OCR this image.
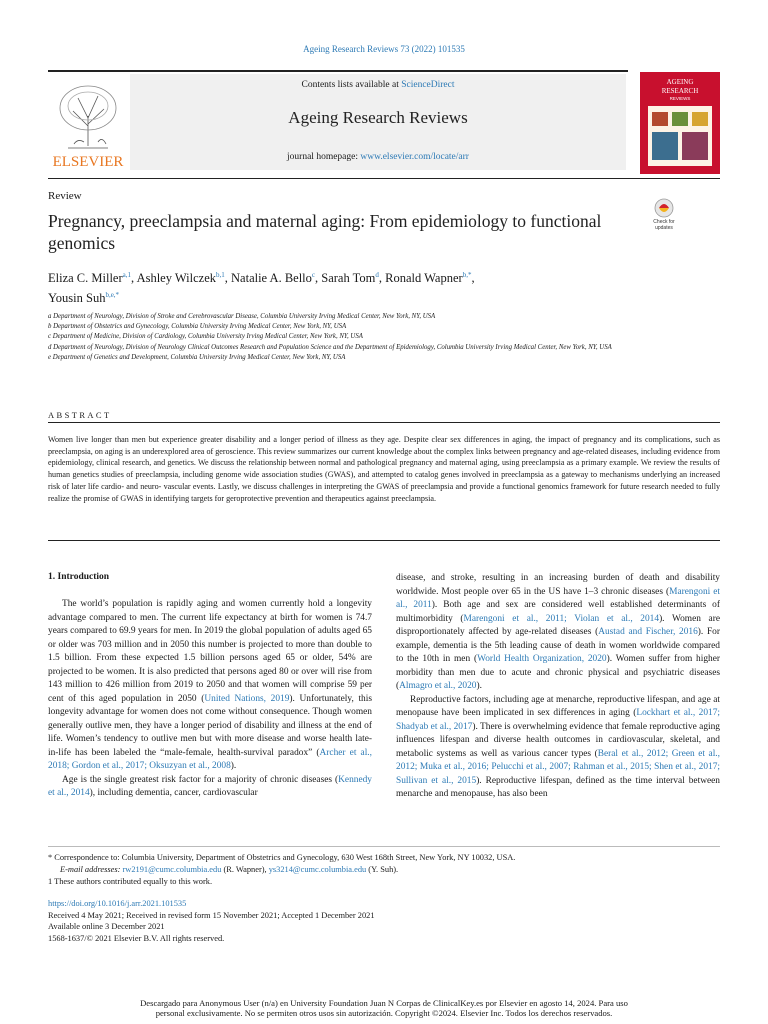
Ageing Research Reviews 73 (2022) 101535
ELSEVIER
Contents lists available at ScienceDirect
Ageing Research Reviews
journal homepage: www.elsevier.com/locate/arr
AGEING
RESEARCH
REVIEWS
Review
Pregnancy, preeclampsia and maternal aging: From epidemiology to functional genomics
Check for
updates
Eliza C. Miller$^{a,1}$, Ashley Wilczek$^{b,1}$, Natalie A. Bello$^c$, Sarah Tom$^d$, Ronald Wapner$^{b,*}$,
Yousin Suh$^{b,e,*}$
a Department of Neurology, Division of Stroke and Cerebrovascular Disease, Columbia University Irving Medical Center, New York, NY, USA
b Department of Obstetrics and Gynecology, Columbia University Irving Medical Center, New York, NY, USA
c Department of Medicine, Division of Cardiology, Columbia University Irving Medical Center, New York, NY, USA
d Department of Neurology, Division of Neurology Clinical Outcomes Research and Population Science and the Department of Epidemiology, Columbia University Irving Medical Center, New York, NY, USA
e Department of Genetics and Development, Columbia University Irving Medical Center, New York, NY, USA
ABSTRACT
Women live longer than men but experience greater disability and a longer period of illness as they age. Despite clear sex differences in aging, the impact of pregnancy and its complications, such as preeclampsia, on aging is an underexplored area of geroscience. This review summarizes our current knowledge about the complex links between pregnancy and age-related diseases, including evidence from epidemiology, clinical research, and genetics. We discuss the relationship between normal and pathological pregnancy and maternal aging, using preeclampsia as a primary example. We review the results of human genetics studies of preeclampsia, including genome wide association studies (GWAS), and attempted to catalog genes involved in preeclampsia as a gateway to mechanisms underlying an increased risk of later life cardio- and neuro- vascular events. Lastly, we discuss challenges in interpreting the GWAS of preeclampsia and provide a functional genomics framework for future research needed to fully realize the promise of GWAS in identifying targets for geroprotective prevention and therapeutics against preeclampsia.
1. Introduction

The world’s population is rapidly aging and women currently hold a longevity advantage compared to men. The current life expectancy at birth for women is 74.7 years compared to 69.9 years for men. In 2019 the global population of adults aged 65 or older was 703 million and in 2050 this number is projected to more than double to 1.5 billion. From these expected 1.5 billion persons aged 65 or older, 54% are projected to be women. It is also predicted that persons aged 80 or over will rise from 143 million to 426 million from 2019 to 2050 and that women will comprise 59 per cent of this aged population in 2050 (United Nations, 2019). Unfortunately, this longevity advantage for women does not come without consequence. Though women generally outlive men, they have a longer period of disability and illness at the end of life. Women’s tendency to outlive men but with more disease and worse health late-in-life has been labeled the “male-female, health-survival paradox” (Archer et al., 2018; Gordon et al., 2017; Oksuzyan et al., 2008).

Age is the single greatest risk factor for a majority of chronic diseases (Kennedy et al., 2014), including dementia, cancer, cardiovascular

disease, and stroke, resulting in an increasing burden of death and disability worldwide. Most people over 65 in the US have 1–3 chronic diseases (Marengoni et al., 2011). Both age and sex are considered well established determinants of multimorbidity (Marengoni et al., 2011; Violan et al., 2014). Women are disproportionately affected by age-related diseases (Austad and Fischer, 2016). For example, dementia is the 5th leading cause of death in women worldwide compared to the 10th in men (World Health Organization, 2020). Women suffer from higher morbidity than men due to acute and chronic physical and psychiatric diseases (Almagro et al., 2020).

Reproductive factors, including age at menarche, reproductive lifespan, and age at menopause have been implicated in sex differences in aging (Lockhart et al., 2017; Shadyab et al., 2017). There is overwhelming evidence that female reproductive aging influences lifespan and diverse health outcomes in cardiovascular, skeletal, and metabolic systems as well as various cancer types (Beral et al., 2012; Green et al., 2012; Muka et al., 2016; Pelucchi et al., 2007; Rahman et al., 2015; Shen et al., 2017; Sullivan et al., 2015). Reproductive lifespan, defined as the time interval between menarche and menopause, has also been

* Correspondence to: Columbia University, Department of Obstetrics and Gynecology, 630 West 168th Street, New York, NY 10032, USA.
E-mail addresses: rw2191@cumc.columbia.edu (R. Wapner), ys3214@cumc.columbia.edu (Y. Suh).
1 These authors contributed equally to this work.
https://doi.org/10.1016/j.arr.2021.101535
Received 4 May 2021; Received in revised form 15 November 2021; Accepted 1 December 2021
Available online 3 December 2021
1568-1637/© 2021 Elsevier B.V. All rights reserved.
Descargado para Anonymous User (n/a) en University Foundation Juan N Corpas de ClinicalKey.es por Elsevier en agosto 14, 2024. Para uso
personal exclusivamente. No se permiten otros usos sin autorización. Copyright ©2024. Elsevier Inc. Todos los derechos reservados.
